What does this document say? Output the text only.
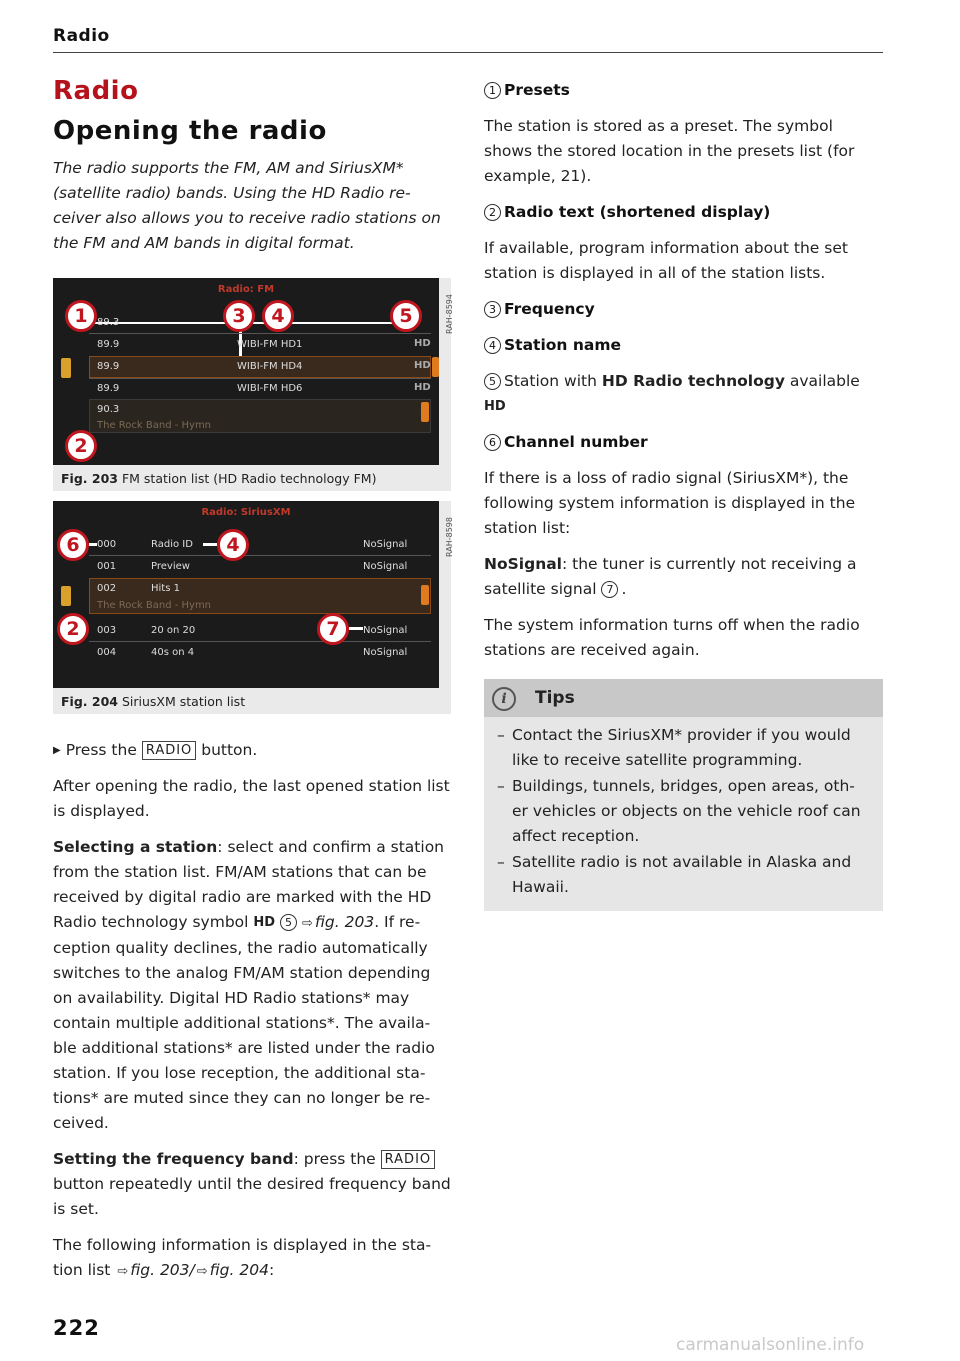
Radio
Radio
Opening the radio

The radio supports the FM, AM and SiriusXM* (satellite radio) bands. Using the HD Radio re-ceiver also allows you to receive radio stations on the FM and AM bands in digital format.

Radio: FM
89.3
89.9	WIBI-FM HD1	HD
89.9	WIBI-FM HD4	HD
89.9	WIBI-FM HD6	HD
90.3
The Rock Band - Hymn
1	3	4	5
2
RAH-8594
Fig. 203 FM station list (HD Radio technology FM)
Radio: SiriusXM
000	Radio ID	NoSignal
001	Preview	NoSignal
002	Hits 1
The Rock Band - Hymn
003	20 on 20	NoSignal
004	40s on 4	NoSignal
6	4
2	7
RAH-8598
Fig. 204 SiriusXM station list

▶ Press the RADIO button.

After opening the radio, the last opened station list is displayed.

Selecting a station: select and confirm a station from the station list. FM/AM stations that can be received by digital radio are marked with the HD Radio technology symbol HD 5 ⇨ fig. 203. If re-ception quality declines, the radio automatically switches to the analog FM/AM station depending on availability. Digital HD Radio stations* may contain multiple additional stations*. The availa-ble additional stations* are listed under the radio station. If you lose reception, the additional sta-tions* are muted since they can no longer be re-ceived.

Setting the frequency band: press the RADIO button repeatedly until the desired frequency band is set.

The following information is displayed in the sta-tion list ⇨ fig. 203/ ⇨ fig. 204:

1 Presets

The station is stored as a preset. The symbol shows the stored location in the presets list (for example, 21).

2 Radio text (shortened display)

If available, program information about the set station is displayed in all of the station lists.

3 Frequency

4 Station name

5 Station with HD Radio technology available
HD

6 Channel number

If there is a loss of radio signal (SiriusXM*), the following system information is displayed in the station list:

NoSignal: the tuner is currently not receiving a satellite signal 7 .

The system information turns off when the radio stations are received again.

i	Tips
– Contact the SiriusXM* provider if you would like to receive satellite programming.
– Buildings, tunnels, bridges, open areas, oth-er vehicles or objects on the vehicle roof can affect reception.
– Satellite radio is not available in Alaska and Hawaii.
222
carmanualsonline.info
